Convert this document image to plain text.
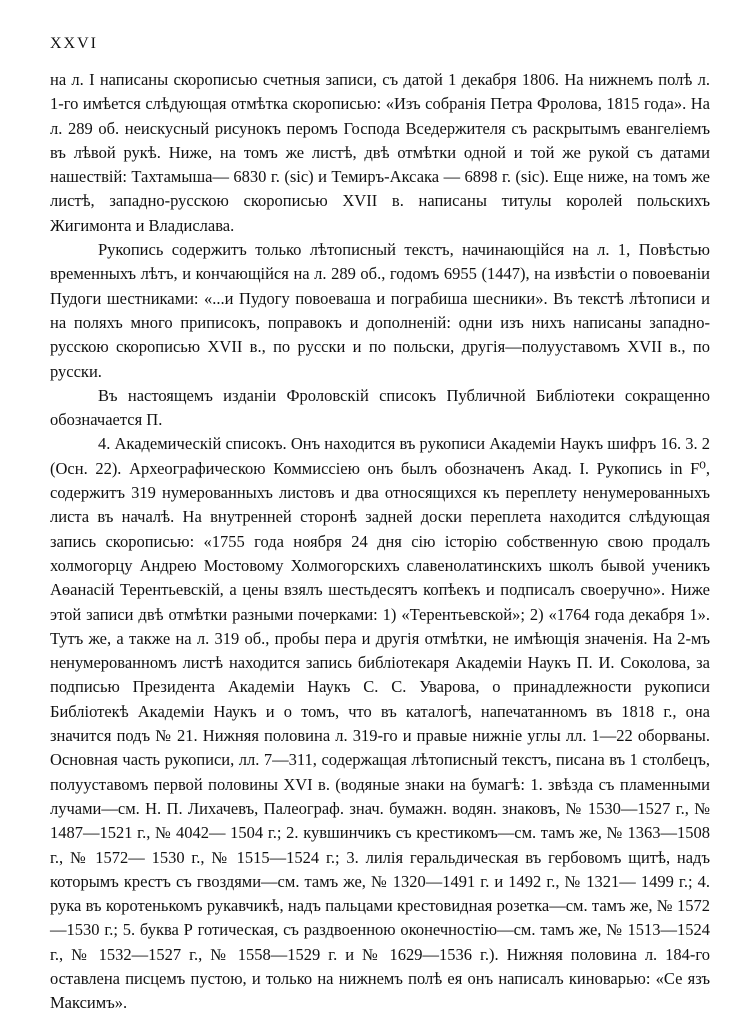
XXVI

на л. I написаны скорописью счетныя записи, съ датой 1 декабря 1806. На нижнемъ полѣ л. 1-го имѣется слѣдующая отмѣтка скорописью: «Изъ собранія Петра Фролова, 1815 года». На л. 289 об. неискусный рисунокъ перомъ Господа Вседержителя съ раскрытымъ евангеліемъ въ лѣвой рукѣ. Ниже, на томъ же листѣ, двѣ отмѣтки одной и той же рукой съ датами нашествій: Тахтамыша— 6830 г. (sic) и Темиръ-Аксака — 6898 г. (sic). Еще ниже, на томъ же листѣ, западно-русскою скорописью XVII в. написаны титулы королей польскихъ Жигимонта и Владислава.

Рукопись содержитъ только лѣтописный текстъ, начинающійся на л. 1, Повѣстью временныхъ лѣтъ, и кончающійся на л. 289 об., годомъ 6955 (1447), на извѣстіи о повоеваніи Пудоги шестниками: «...и Пудогу повоеваша и пограбиша шесники». Въ текстѣ лѣтописи и на поляхъ много приписокъ, поправокъ и дополненій: одни изъ нихъ написаны западно-русскою скорописью XVII в., по русски и по польски, другія—полууставомъ XVII в., по русски.

Въ настоящемъ изданіи Фроловскій списокъ Публичной Библіотеки сокращенно обозначается П.

4. Академическій списокъ. Онъ находится въ рукописи Академіи Наукъ шифръ 16. 3. 2 (Осн. 22). Археографическою Коммиссіею онъ былъ обозначенъ Акад. I. Рукопись in F⁰, содержитъ 319 нумерованныхъ листовъ и два относящихся къ переплету ненумерованныхъ листа въ началѣ. На внутренней сторонѣ задней доски переплета находится слѣдующая запись скорописью: «1755 года ноября 24 дня сію історію собственную свою продалъ холмогорцу Андрею Мостовому Холмогорскихъ славенолатинскихъ школъ бывой ученикъ Аѳанасій Терентьевскій, а цены взялъ шестьдесятъ копѣекъ и подписалъ своеручно». Ниже этой записи двѣ отмѣтки разными почерками: 1) «Терентьевской»; 2) «1764 года декабря 1». Тутъ же, а также на л. 319 об., пробы пера и другія отмѣтки, не имѣющія значенія. На 2-мъ ненумерованномъ листѣ находится запись библіотекаря Академіи Наукъ П. И. Соколова, за подписью Президента Академіи Наукъ С. С. Уварова, о принадлежности рукописи Библіотекѣ Академіи Наукъ и о томъ, что въ каталогѣ, напечатанномъ въ 1818 г., она значится подъ № 21. Нижняя половина л. 319-го и правые нижніе углы лл. 1—22 оборваны. Основная часть рукописи, лл. 7—311, содержащая лѣтописный текстъ, писана въ 1 столбецъ, полууставомъ первой половины XVI в. (водяные знаки на бумагѣ: 1. звѣзда съ пламенными лучами—см. Н. П. Лихачевъ, Палеограф. знач. бумажн. водян. знаковъ, № 1530—1527 г., № 1487—1521 г., № 4042— 1504 г.; 2. кувшинчикъ съ крестикомъ—см. тамъ же, № 1363—1508 г., № 1572— 1530 г., № 1515—1524 г.; 3. лилія геральдическая въ гербовомъ щитѣ, надъ которымъ крестъ съ гвоздями—см. тамъ же, № 1320—1491 г. и 1492 г., № 1321— 1499 г.; 4. рука въ коротенькомъ рукавчикѣ, надъ пальцами крестовидная розетка—см. тамъ же, № 1572—1530 г.; 5. буква Р готическая, съ раздвоенною оконечностію—см. тамъ же, № 1513—1524 г., № 1532—1527 г., № 1558—1529 г. и № 1629—1536 г.). Нижняя половина л. 184-го оставлена писцемъ пустою, и только на нижнемъ полѣ ея онъ написалъ киноварью: «Се язъ Максимъ».
